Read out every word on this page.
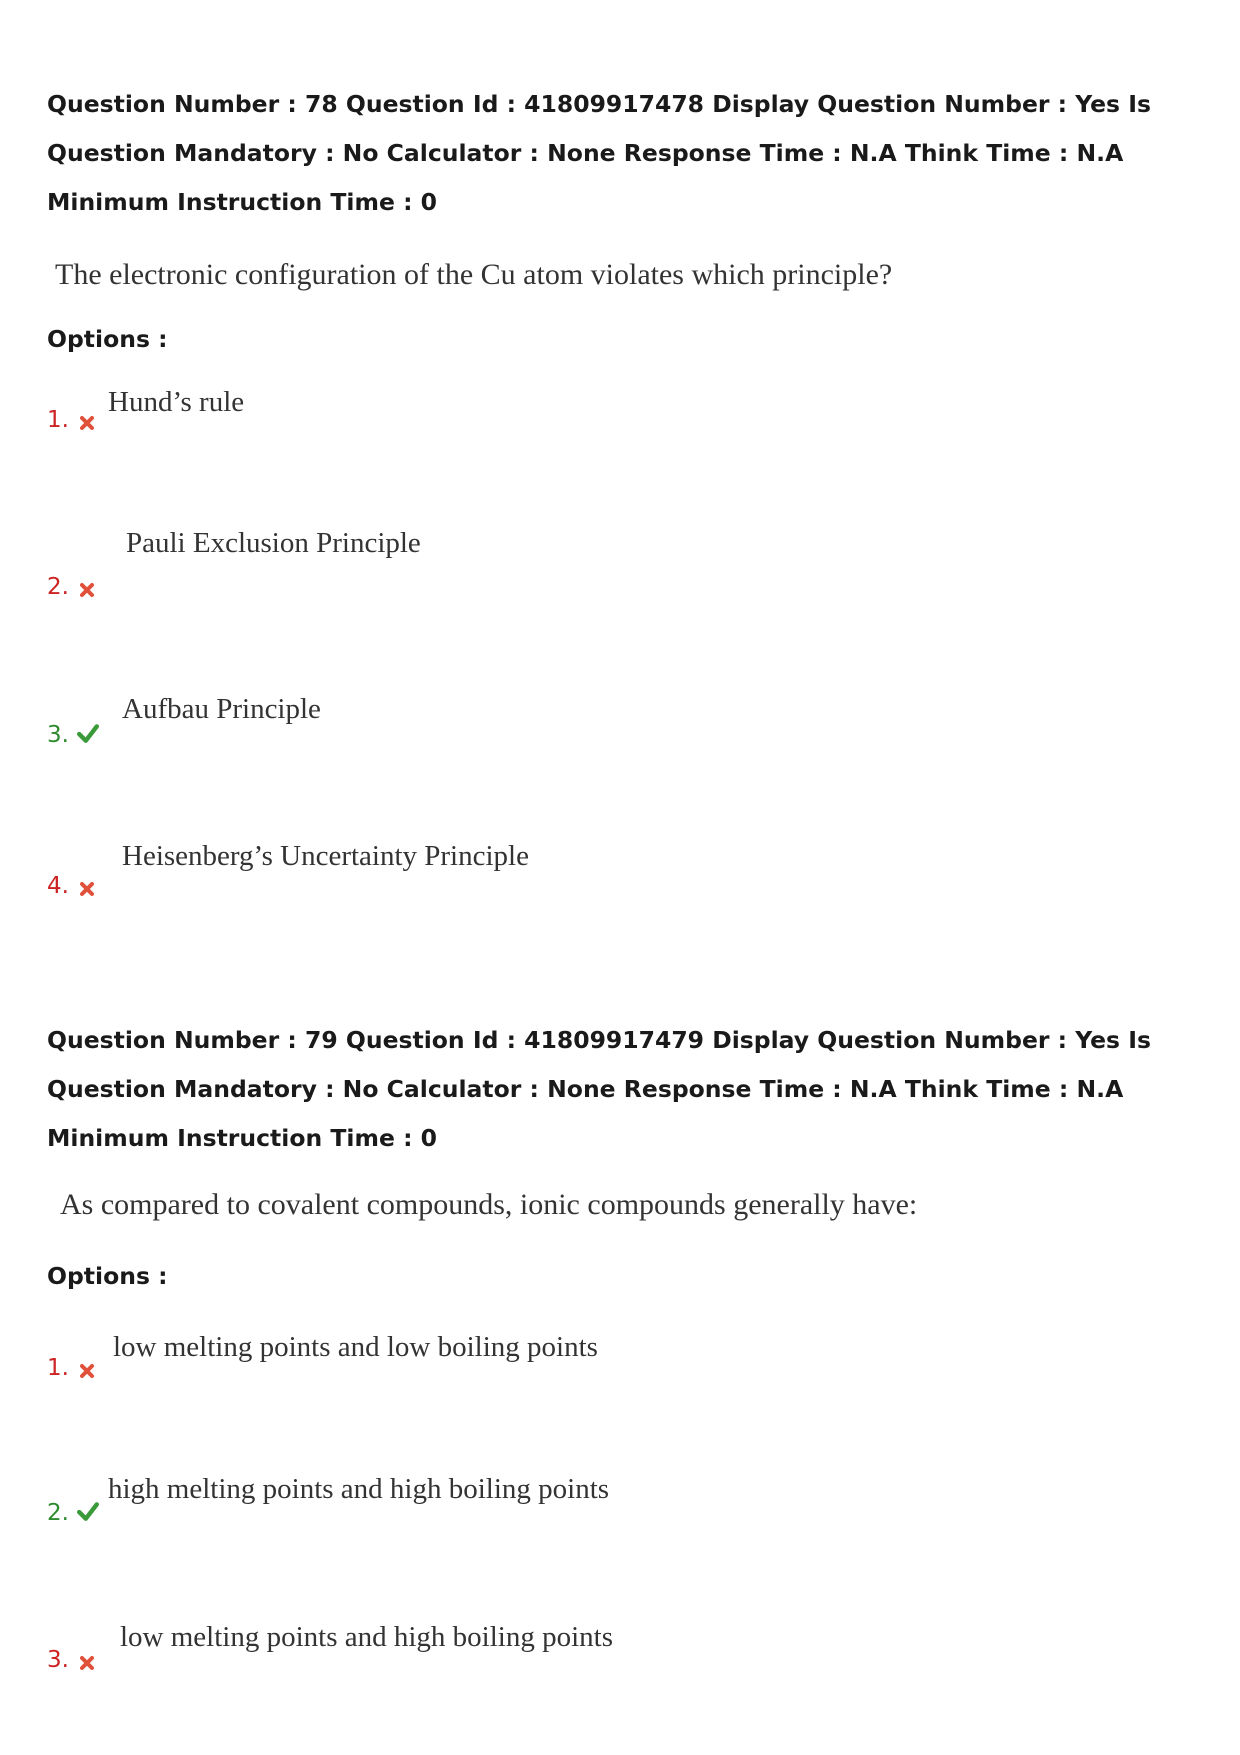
Question Number : 78 Question Id : 41809917478 Display Question Number : Yes Is Question Mandatory : No Calculator : None Response Time : N.A Think Time : N.A Minimum Instruction Time : 0

The electronic configuration of the Cu atom violates which principle?

Options :
1.
Hund’s rule
2.
Pauli Exclusion Principle
3.
Aufbau Principle
4.
Heisenberg’s Uncertainty Principle

Question Number : 79 Question Id : 41809917479 Display Question Number : Yes Is Question Mandatory : No Calculator : None Response Time : N.A Think Time : N.A Minimum Instruction Time : 0

As compared to covalent compounds, ionic compounds generally have:

Options :
1.
low melting points and low boiling points
2.
high melting points and high boiling points
3.
low melting points and high boiling points
